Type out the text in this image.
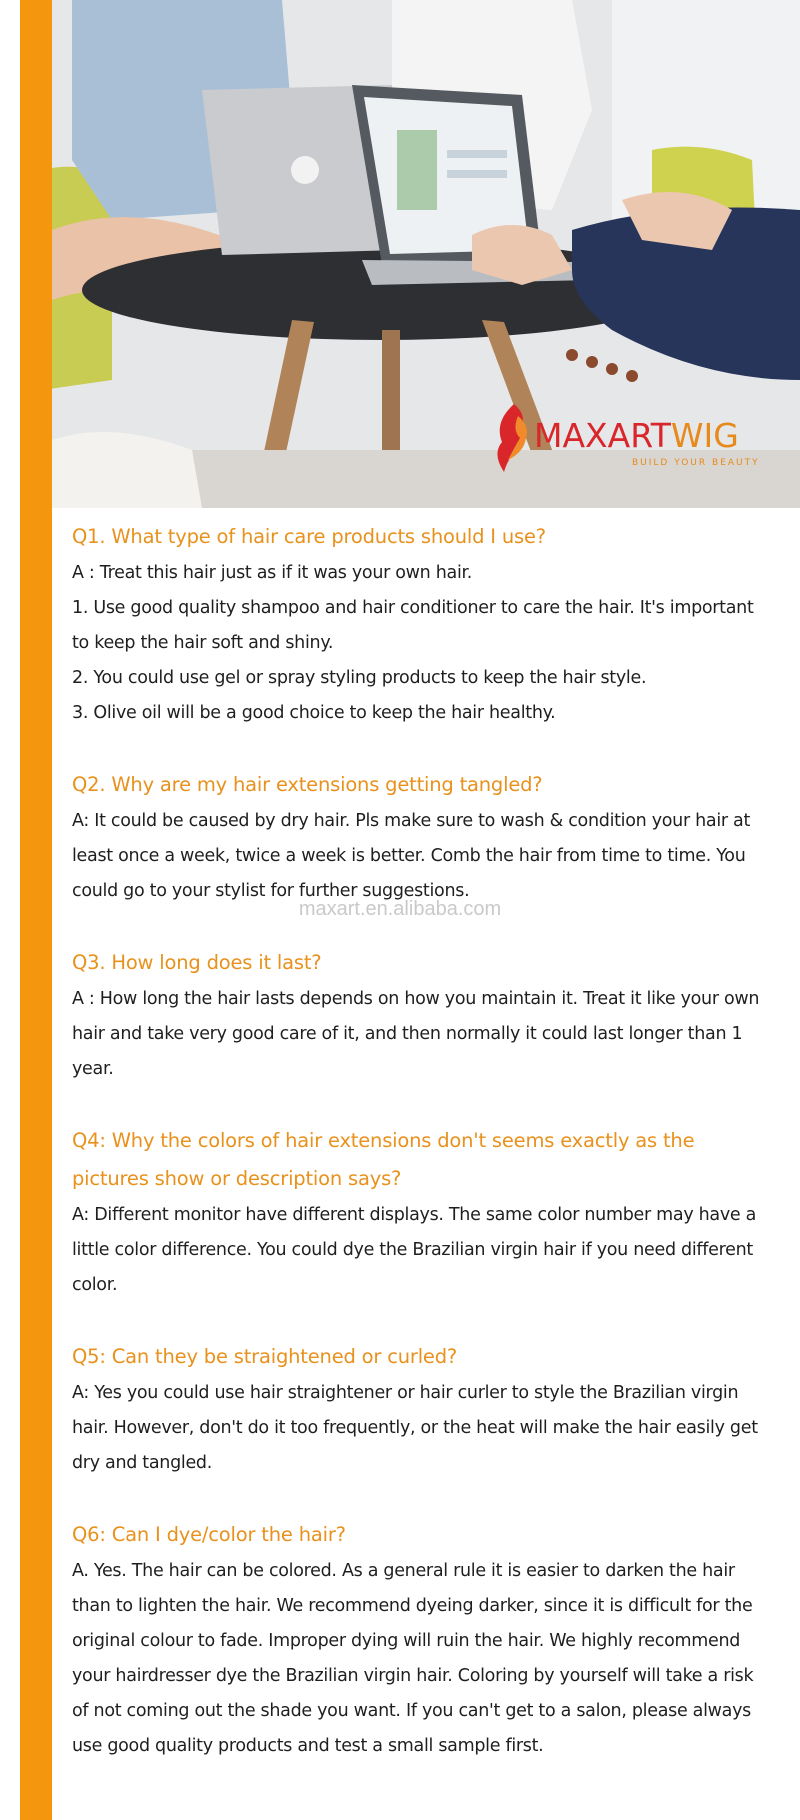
MAXARTWIG
BUILD YOUR BEAUTY
Q1. What type of hair care products should I use?

A : Treat this hair just as if it was your own hair.

1. Use good quality shampoo and hair conditioner to care the hair. It's important to keep the hair soft and shiny.

2. You could use gel or spray styling products to keep the hair style.

3. Olive oil will be a good choice to keep the hair healthy.

Q2. Why are my hair extensions getting tangled?

A: It could be caused by dry hair. Pls make sure to wash & condition your hair at least once a week, twice a week is better. Comb the hair from time to time. You could go to your stylist for further suggestions.

Q3. How long does it last?

A : How long the hair lasts depends on how you maintain it. Treat it like your own hair and take very good care of it, and then normally it could last longer than 1 year.

Q4: Why the colors of hair extensions don't seems exactly as the pictures show or description says?

A: Different monitor have different displays. The same color number may have a little color difference. You could dye the Brazilian virgin hair if you need different color.

Q5: Can they be straightened or curled?

A: Yes you could use hair straightener or hair curler to style the Brazilian virgin hair. However, don't do it too frequently, or the heat will make the hair easily get dry and tangled.

Q6: Can I dye/color the hair?

A. Yes. The hair can be colored. As a general rule it is easier to darken the hair than to lighten the hair. We recommend dyeing darker, since it is difficult for the original colour to fade. Improper dying will ruin the hair. We highly recommend your hairdresser dye the Brazilian virgin hair. Coloring by yourself will take a risk of not coming out the shade you want. If you can't get to a salon, please always use good quality products and test a small sample first.

maxart.en.alibaba.com
